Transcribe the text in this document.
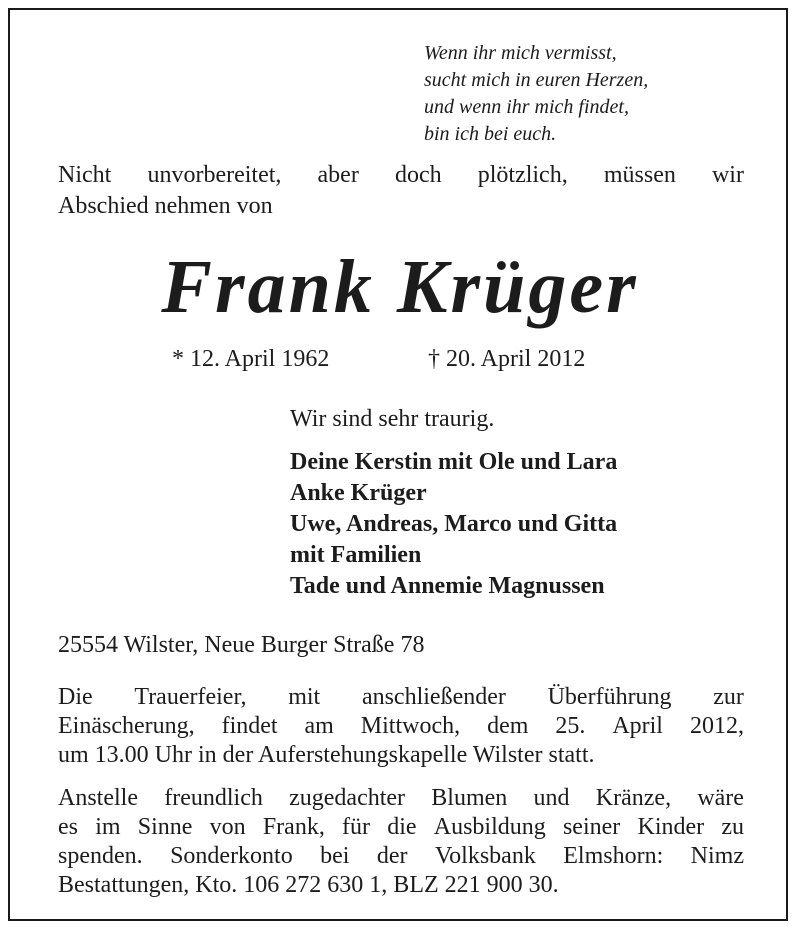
Wenn ihr mich vermisst,
sucht mich in euren Herzen,
und wenn ihr mich findet,
bin ich bei euch.
Nicht unvorbereitet, aber doch plötzlich, müssen wir
Abschied nehmen von
Frank Krüger
* 12. April 1962	† 20. April 2012
Wir sind sehr traurig.
Deine Kerstin mit Ole und Lara
Anke Krüger
Uwe, Andreas, Marco und Gitta
mit Familien
Tade und Annemie Magnussen
25554 Wilster, Neue Burger Straße 78
Die Trauerfeier, mit anschließender Überführung zur
Einäscherung, findet am Mittwoch, dem 25. April 2012,
um 13.00 Uhr in der Auferstehungskapelle Wilster statt.
Anstelle freundlich zugedachter Blumen und Kränze, wäre
es im Sinne von Frank, für die Ausbildung seiner Kinder zu
spenden. Sonderkonto bei der Volksbank Elmshorn: Nimz
Bestattungen, Kto. 106 272 630 1, BLZ 221 900 30.
